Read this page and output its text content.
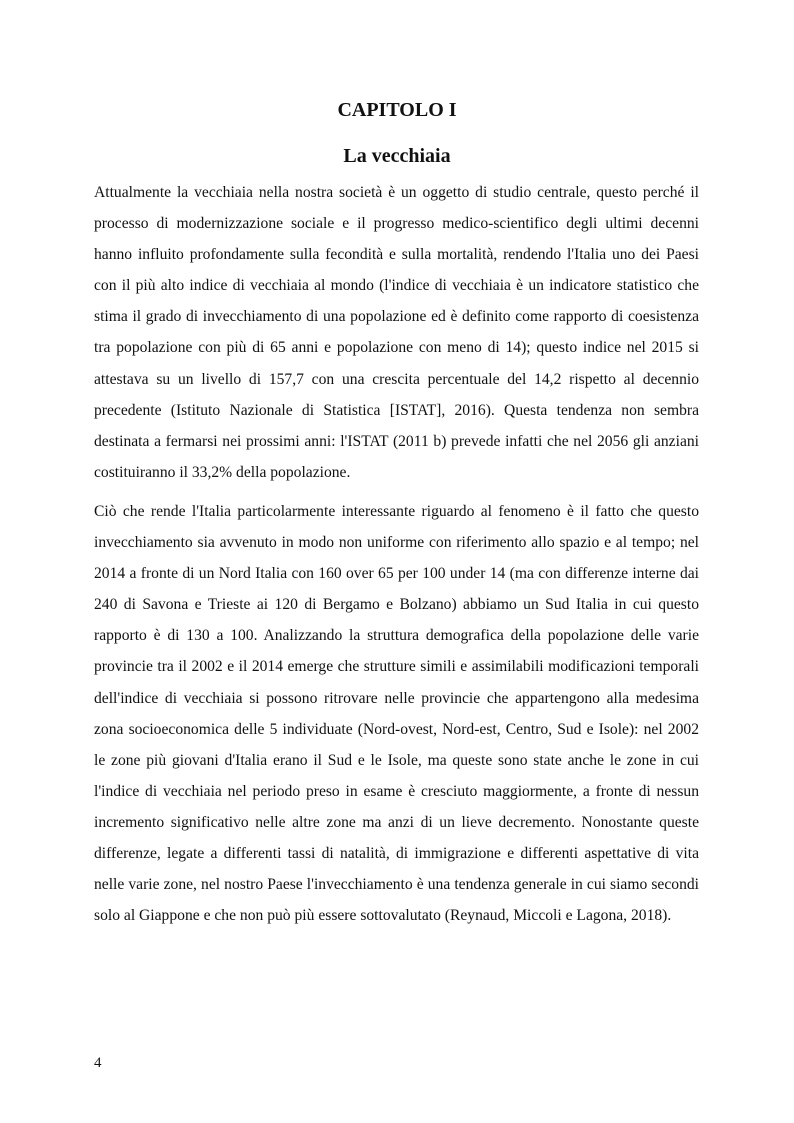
CAPITOLO I
La vecchiaia

Attualmente la vecchiaia nella nostra società è un oggetto di studio centrale, questo perché il processo di modernizzazione sociale e il progresso medico-scientifico degli ultimi decenni hanno influito profondamente sulla fecondità e sulla mortalità, rendendo l'Italia uno dei Paesi con il più alto indice di vecchiaia al mondo (l'indice di vecchiaia è un indicatore statistico che stima il grado di invecchiamento di una popolazione ed è definito come rapporto di coesistenza tra popolazione con più di 65 anni e popolazione con meno di 14); questo indice nel 2015 si attestava su un livello di 157,7 con una crescita percentuale del 14,2 rispetto al decennio precedente (Istituto Nazionale di Statistica [ISTAT], 2016). Questa tendenza non sembra destinata a fermarsi nei prossimi anni: l'ISTAT (2011 b) prevede infatti che nel 2056 gli anziani costituiranno il 33,2% della popolazione.

Ciò che rende l'Italia particolarmente interessante riguardo al fenomeno è il fatto che questo invecchiamento sia avvenuto in modo non uniforme con riferimento allo spazio e al tempo; nel 2014 a fronte di un Nord Italia con 160 over 65 per 100 under 14 (ma con differenze interne dai 240 di Savona e Trieste ai 120 di Bergamo e Bolzano) abbiamo un Sud Italia in cui questo rapporto è di 130 a 100. Analizzando la struttura demografica della popolazione delle varie provincie tra il 2002 e il 2014 emerge che strutture simili e assimilabili modificazioni temporali dell'indice di vecchiaia si possono ritrovare nelle provincie che appartengono alla medesima zona socioeconomica delle 5 individuate (Nord-ovest, Nord-est, Centro, Sud e Isole): nel 2002 le zone più giovani d'Italia erano il Sud e le Isole, ma queste sono state anche le zone in cui l'indice di vecchiaia nel periodo preso in esame è cresciuto maggiormente, a fronte di nessun incremento significativo nelle altre zone ma anzi di un lieve decremento. Nonostante queste differenze, legate a differenti tassi di natalità, di immigrazione e differenti aspettative di vita nelle varie zone, nel nostro Paese l'invecchiamento è una tendenza generale in cui siamo secondi solo al Giappone e che non può più essere sottovalutato (Reynaud, Miccoli e Lagona, 2018).

4
